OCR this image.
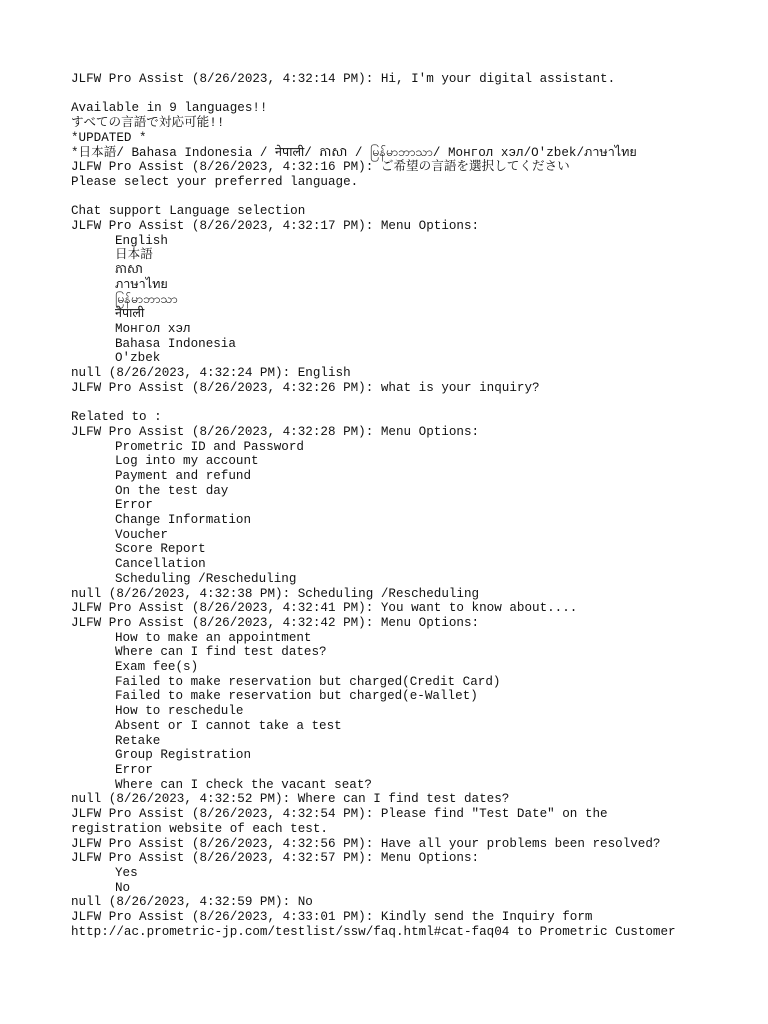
JLFW Pro Assist (8/26/2023, 4:32:14 PM): Hi, I'm your digital assistant.
Available in 9 languages!!
すべての言語で対応可能!!
*UPDATED *
*日本語/ Bahasa Indonesia / नेपाली/ ភាសា / မြန်မာဘာသာ/ Монгол хэл/O'zbek/ภาษาไทย
JLFW Pro Assist (8/26/2023, 4:32:16 PM): ご希望の言語を選択してください
Please select your preferred language.
Chat support Language selection
JLFW Pro Assist (8/26/2023, 4:32:17 PM): Menu Options:
English
日本語
ភាសា
ภาษาไทย
မြန်မာဘာသာ
नेपाली
Монгол хэл
Bahasa Indonesia
O'zbek
null (8/26/2023, 4:32:24 PM): English
JLFW Pro Assist (8/26/2023, 4:32:26 PM): what is your inquiry?
Related to :
JLFW Pro Assist (8/26/2023, 4:32:28 PM): Menu Options:
Prometric ID and Password
Log into my account
Payment and refund
On the test day
Error
Change Information
Voucher
Score Report
Cancellation
Scheduling /Rescheduling
null (8/26/2023, 4:32:38 PM): Scheduling /Rescheduling
JLFW Pro Assist (8/26/2023, 4:32:41 PM): You want to know about....
JLFW Pro Assist (8/26/2023, 4:32:42 PM): Menu Options:
How to make an appointment
Where can I find test dates?
Exam fee(s)
Failed to make reservation but charged(Credit Card)
Failed to make reservation but charged(e-Wallet)
How to reschedule
Absent or I cannot take a test
Retake
Group Registration
Error
Where can I check the vacant seat?
null (8/26/2023, 4:32:52 PM): Where can I find test dates?
JLFW Pro Assist (8/26/2023, 4:32:54 PM): Please find "Test Date" on the
registration website of each test.
JLFW Pro Assist (8/26/2023, 4:32:56 PM): Have all your problems been resolved?
JLFW Pro Assist (8/26/2023, 4:32:57 PM): Menu Options:
Yes
No
null (8/26/2023, 4:32:59 PM): No
JLFW Pro Assist (8/26/2023, 4:33:01 PM): Kindly send the Inquiry form
http://ac.prometric-jp.com/testlist/ssw/faq.html#cat-faq04 to Prometric Customer
